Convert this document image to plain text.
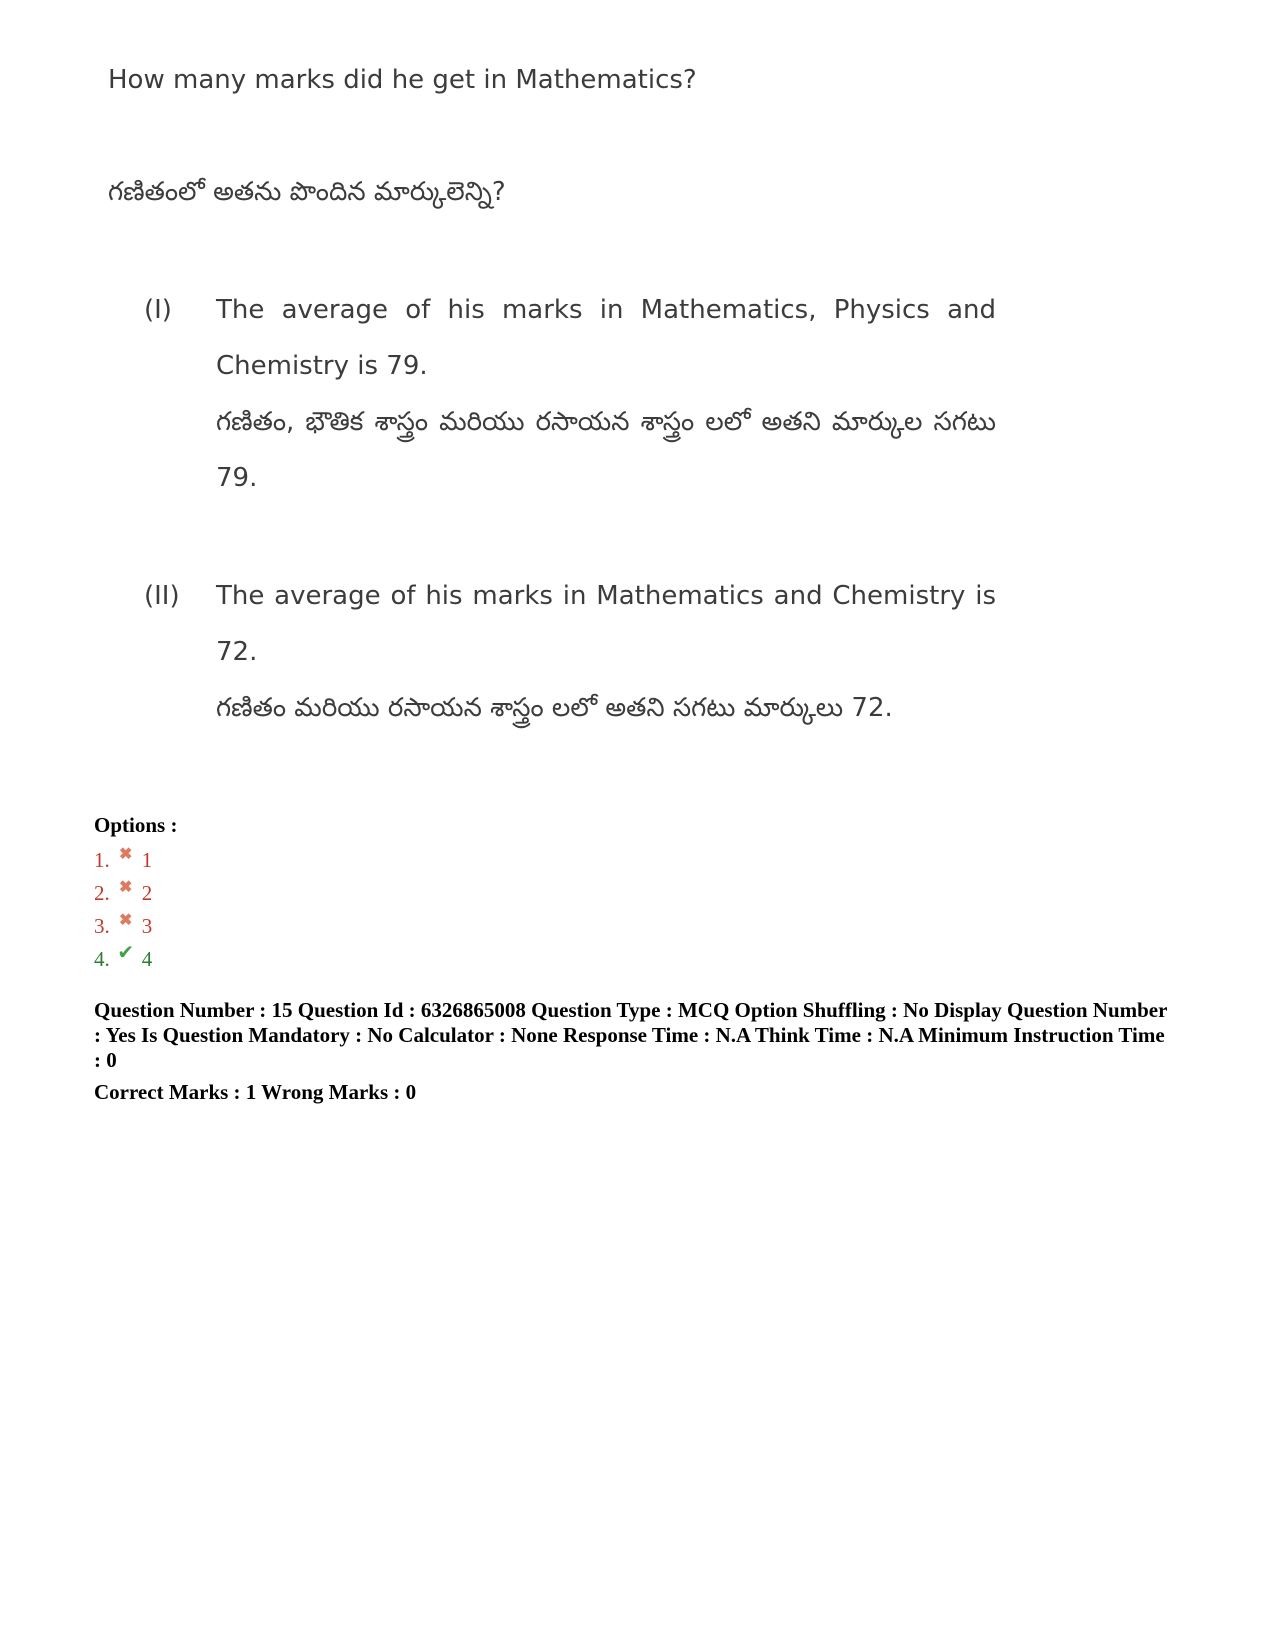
How many marks did he get in Mathematics?

గణితంలో అతను పొందిన మార్కులెన్ని?

(I)	The average of his marks in Mathematics, Physics and Chemistry is 79.

గణితం, భౌతిక శాస్త్రం మరియు రసాయన శాస్త్రం లలో అతని మార్కుల సగటు 79.

(II)	The average of his marks in Mathematics and Chemistry is 72.

గణితం మరియు రసాయన శాస్త్రం లలో అతని సగటు మార్కులు 72.

Options :
1. ✖ 1
2. ✖ 2
3. ✖ 3
4. ✔ 4
Question Number : 15 Question Id : 6326865008 Question Type : MCQ Option Shuffling : No Display Question Number : Yes Is Question Mandatory : No Calculator : None Response Time : N.A Think Time : N.A Minimum Instruction Time : 0
Correct Marks : 1 Wrong Marks : 0
